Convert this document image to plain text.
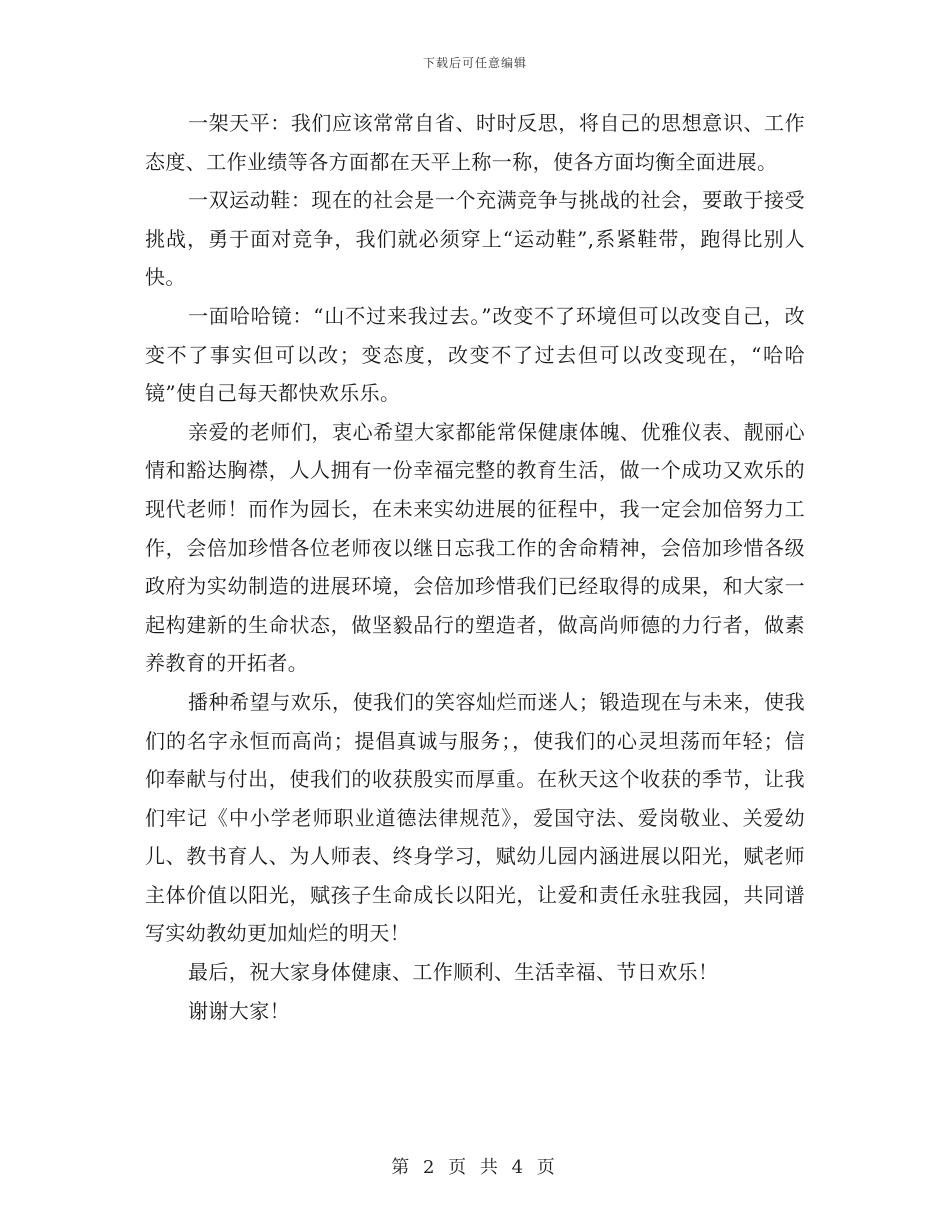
下载后可任意编辑

一架天平：我们应该常常自省、时时反思，将自己的思想意识、工作态度、工作业绩等各方面都在天平上称一称，使各方面均衡全面进展。

一双运动鞋：现在的社会是一个充满竞争与挑战的社会，要敢于接受挑战，勇于面对竞争，我们就必须穿上“运动鞋”,系紧鞋带，跑得比别人快。

一面哈哈镜：“山不过来我过去。”改变不了环境但可以改变自己，改变不了事实但可以改；变态度，改变不了过去但可以改变现在，“哈哈镜”使自己每天都快欢乐乐。

亲爱的老师们，衷心希望大家都能常保健康体魄、优雅仪表、靓丽心情和豁达胸襟，人人拥有一份幸福完整的教育生活，做一个成功又欢乐的现代老师！而作为园长，在未来实幼进展的征程中，我一定会加倍努力工作，会倍加珍惜各位老师夜以继日忘我工作的舍命精神，会倍加珍惜各级政府为实幼制造的进展环境，会倍加珍惜我们已经取得的成果，和大家一起构建新的生命状态，做坚毅品行的塑造者，做高尚师德的力行者，做素养教育的开拓者。

播种希望与欢乐，使我们的笑容灿烂而迷人；锻造现在与未来，使我们的名字永恒而高尚；提倡真诚与服务；，使我们的心灵坦荡而年轻；信仰奉献与付出，使我们的收获殷实而厚重。在秋天这个收获的季节，让我们牢记《中小学老师职业道德法律规范》，爱国守法、爱岗敬业、关爱幼儿、教书育人、为人师表、终身学习，赋幼儿园内涵进展以阳光，赋老师主体价值以阳光，赋孩子生命成长以阳光，让爱和责任永驻我园，共同谱写实幼教幼更加灿烂的明天！

最后，祝大家身体健康、工作顺利、生活幸福、节日欢乐！

谢谢大家！

第 2 页 共 4 页
